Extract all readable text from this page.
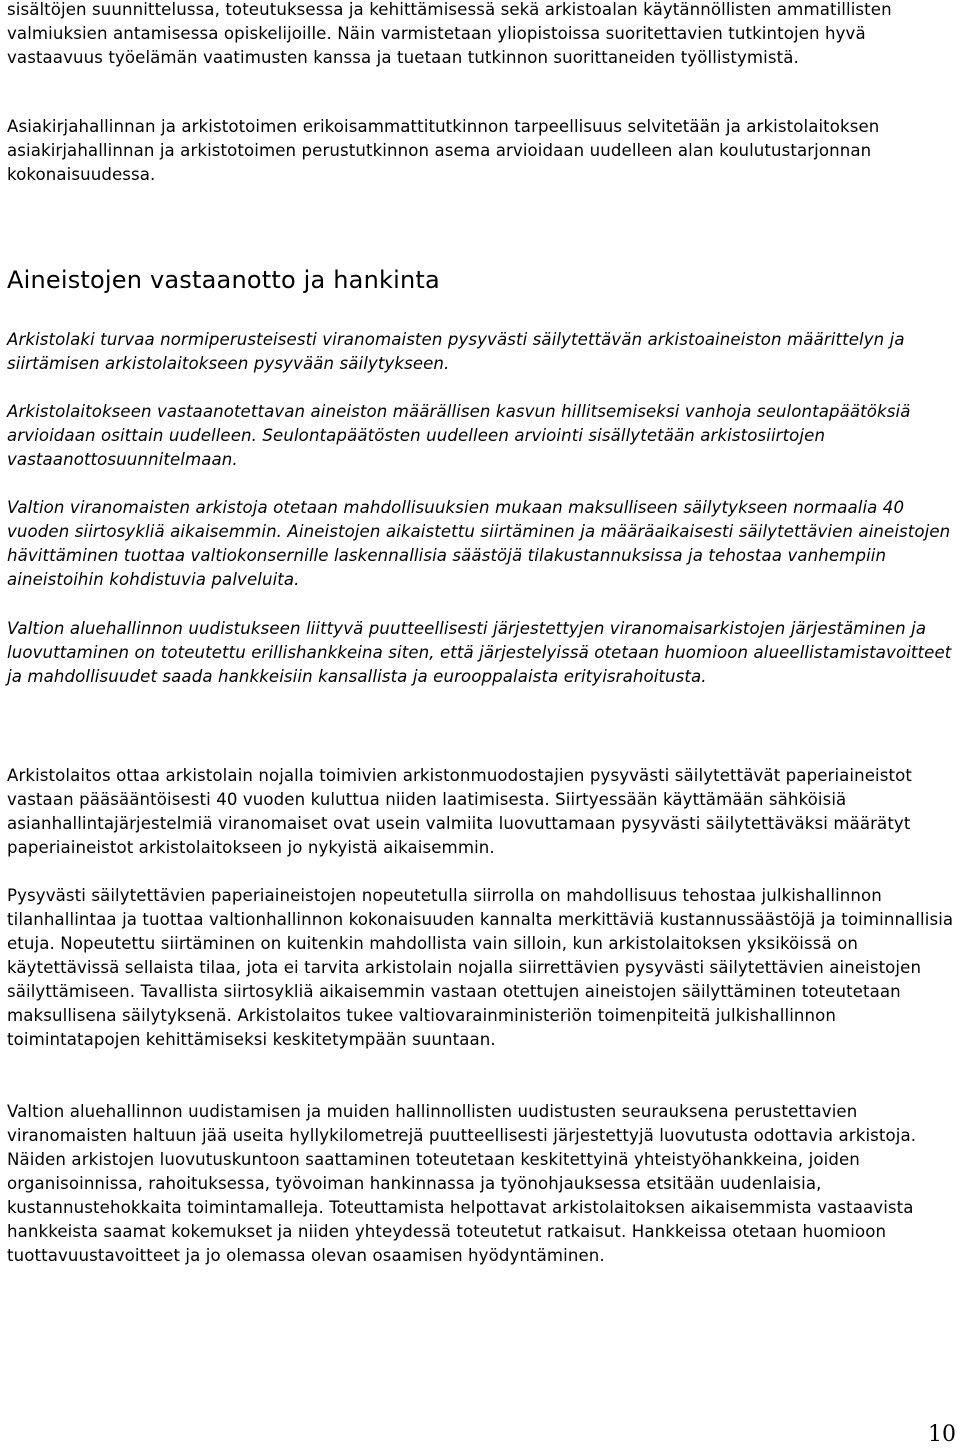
sisältöjen suunnittelussa, toteutuksessa ja kehittämisessä sekä arkistoalan käytännöllisten ammatillisten valmiuksien antamisessa opiskelijoille. Näin varmistetaan yliopistoissa suoritettavien tutkintojen hyvä vastaavuus työelämän vaatimusten kanssa ja tuetaan tutkinnon suorittaneiden työllistymistä.

Asiakirjahallinnan ja arkistotoimen erikoisammattitutkinnon tarpeellisuus selvitetään ja arkistolaitoksen asiakirjahallinnan ja arkistotoimen perustutkinnon asema arvioidaan uudelleen alan koulutustarjonnan kokonaisuudessa.

Aineistojen vastaanotto ja hankinta

Arkistolaki turvaa normiperusteisesti viranomaisten pysyvästi säilytettävän arkistoaineiston määrittelyn ja siirtämisen arkistolaitokseen pysyvään säilytykseen.

Arkistolaitokseen vastaanotettavan aineiston määrällisen kasvun hillitsemiseksi vanhoja seulontapäätöksiä arvioidaan osittain uudelleen. Seulontapäätösten uudelleen arviointi sisällytetään arkistosiirtojen vastaanottosuunnitelmaan.

Valtion viranomaisten arkistoja otetaan mahdollisuuksien mukaan maksulliseen säilytykseen normaalia 40 vuoden siirtosykliä aikaisemmin. Aineistojen aikaistettu siirtäminen ja määräaikaisesti säilytettävien aineistojen hävittäminen tuottaa valtiokonsernille laskennallisia säästöjä tilakustannuksissa ja tehostaa vanhempiin aineistoihin kohdistuvia palveluita.

Valtion aluehallinnon uudistukseen liittyvä puutteellisesti järjestettyjen viranomaisarkistojen järjestäminen ja luovuttaminen on toteutettu erillishankkeina siten, että järjestelyissä otetaan huomioon alueellistamistavoitteet ja mahdollisuudet saada hankkeisiin kansallista ja eurooppalaista erityisrahoitusta.

Arkistolaitos ottaa arkistolain nojalla toimivien arkistonmuodostajien pysyvästi säilytettävät paperiaineistot vastaan pääsääntöisesti 40 vuoden kuluttua niiden laatimisesta. Siirtyessään käyttämään sähköisiä asianhallintajärjestelmiä viranomaiset ovat usein valmiita luovuttamaan pysyvästi säilytettäväksi määrätyt paperiaineistot arkistolaitokseen jo nykyistä aikaisemmin.

Pysyvästi säilytettävien paperiaineistojen nopeutetulla siirrolla on mahdollisuus tehostaa julkishallinnon tilanhallintaa ja tuottaa valtionhallinnon kokonaisuuden kannalta merkittäviä kustannussäästöjä ja toiminnallisia etuja. Nopeutettu siirtäminen on kuitenkin mahdollista vain silloin, kun arkistolaitoksen yksiköissä on käytettävissä sellaista tilaa, jota ei tarvita arkistolain nojalla siirrettävien pysyvästi säilytettävien aineistojen säilyttämiseen. Tavallista siirtosykliä aikaisemmin vastaan otettujen aineistojen säilyttäminen toteutetaan maksullisena säilytyksenä. Arkistolaitos tukee valtiovarainministeriön toimenpiteitä julkishallinnon toimintatapojen kehittämiseksi keskitetympään suuntaan.

Valtion aluehallinnon uudistamisen ja muiden hallinnollisten uudistusten seurauksena perustettavien viranomaisten haltuun jää useita hyllykilometrejä puutteellisesti järjestettyjä luovutusta odottavia arkistoja. Näiden arkistojen luovutuskuntoon saattaminen toteutetaan keskitettyinä yhteistyöhankkeina, joiden organisoinnissa, rahoituksessa, työvoiman hankinnassa ja työnohjauksessa etsitään uudenlaisia, kustannustehokkaita toimintamalleja. Toteuttamista helpottavat arkistolaitoksen aikaisemmista vastaavista hankkeista saamat kokemukset ja niiden yhteydessä toteutetut ratkaisut. Hankkeissa otetaan huomioon tuottavuustavoitteet ja jo olemassa olevan osaamisen hyödyntäminen.

10
